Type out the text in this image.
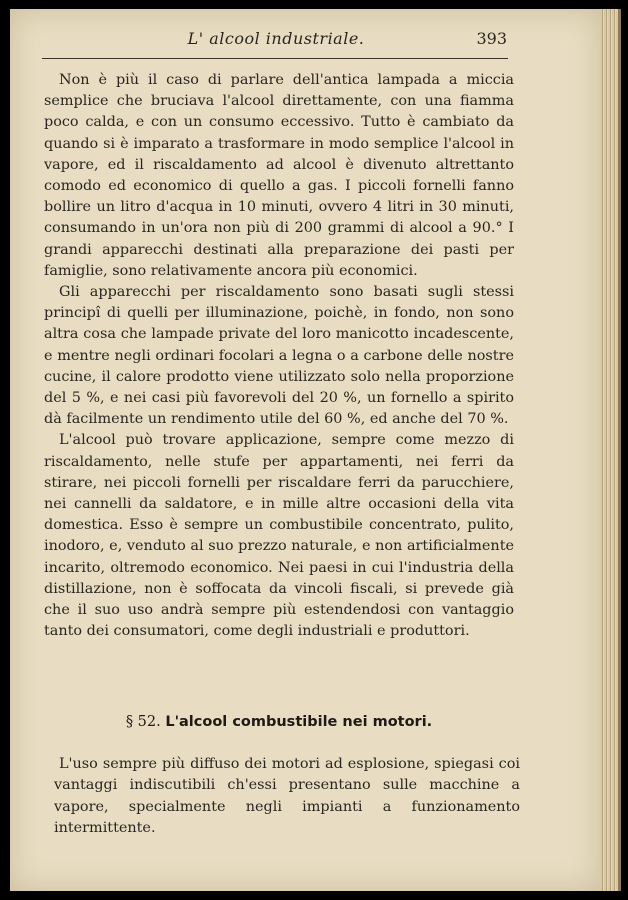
L' alcool industriale.	393

Non è più il caso di parlare dell'antica lampada a miccia semplice che bruciava l'alcool direttamente, con una fiamma poco calda, e con un consumo eccessivo. Tutto è cambiato da quando si è imparato a trasformare in modo semplice l'alcool in vapore, ed il riscaldamento ad alcool è divenuto altrettanto comodo ed economico di quello a gas. I piccoli fornelli fanno bollire un litro d'acqua in 10 minuti, ovvero 4 litri in 30 minuti, consumando in un'ora non più di 200 grammi di alcool a 90.° I grandi apparecchi destinati alla preparazione dei pasti per famiglie, sono relativamente ancora più economici.

Gli apparecchi per riscaldamento sono basati sugli stessi principî di quelli per illuminazione, poichè, in fondo, non sono altra cosa che lampade private del loro manicotto incadescente, e mentre negli ordinari focolari a legna o a carbone delle nostre cucine, il calore prodotto viene utilizzato solo nella proporzione del 5 %, e nei casi più favorevoli del 20 %, un fornello a spirito dà facilmente un rendimento utile del 60 %, ed anche del 70 %.

L'alcool può trovare applicazione, sempre come mezzo di riscaldamento, nelle stufe per appartamenti, nei ferri da stirare, nei piccoli fornelli per riscaldare ferri da parucchiere, nei cannelli da saldatore, e in mille altre occasioni della vita domestica. Esso è sempre un combustibile concentrato, pulito, inodoro, e, venduto al suo prezzo naturale, e non artificialmente incarito, oltremodo economico. Nei paesi in cui l'industria della distillazione, non è soffocata da vincoli fiscali, si prevede già che il suo uso andrà sempre più estendendosi con vantaggio tanto dei consumatori, come degli industriali e produttori.

§ 52. L'alcool combustibile nei motori.

L'uso sempre più diffuso dei motori ad esplosione, spiegasi coi vantaggi indiscutibili ch'essi presentano sulle macchine a vapore, specialmente negli impianti a funzionamento intermittente.
